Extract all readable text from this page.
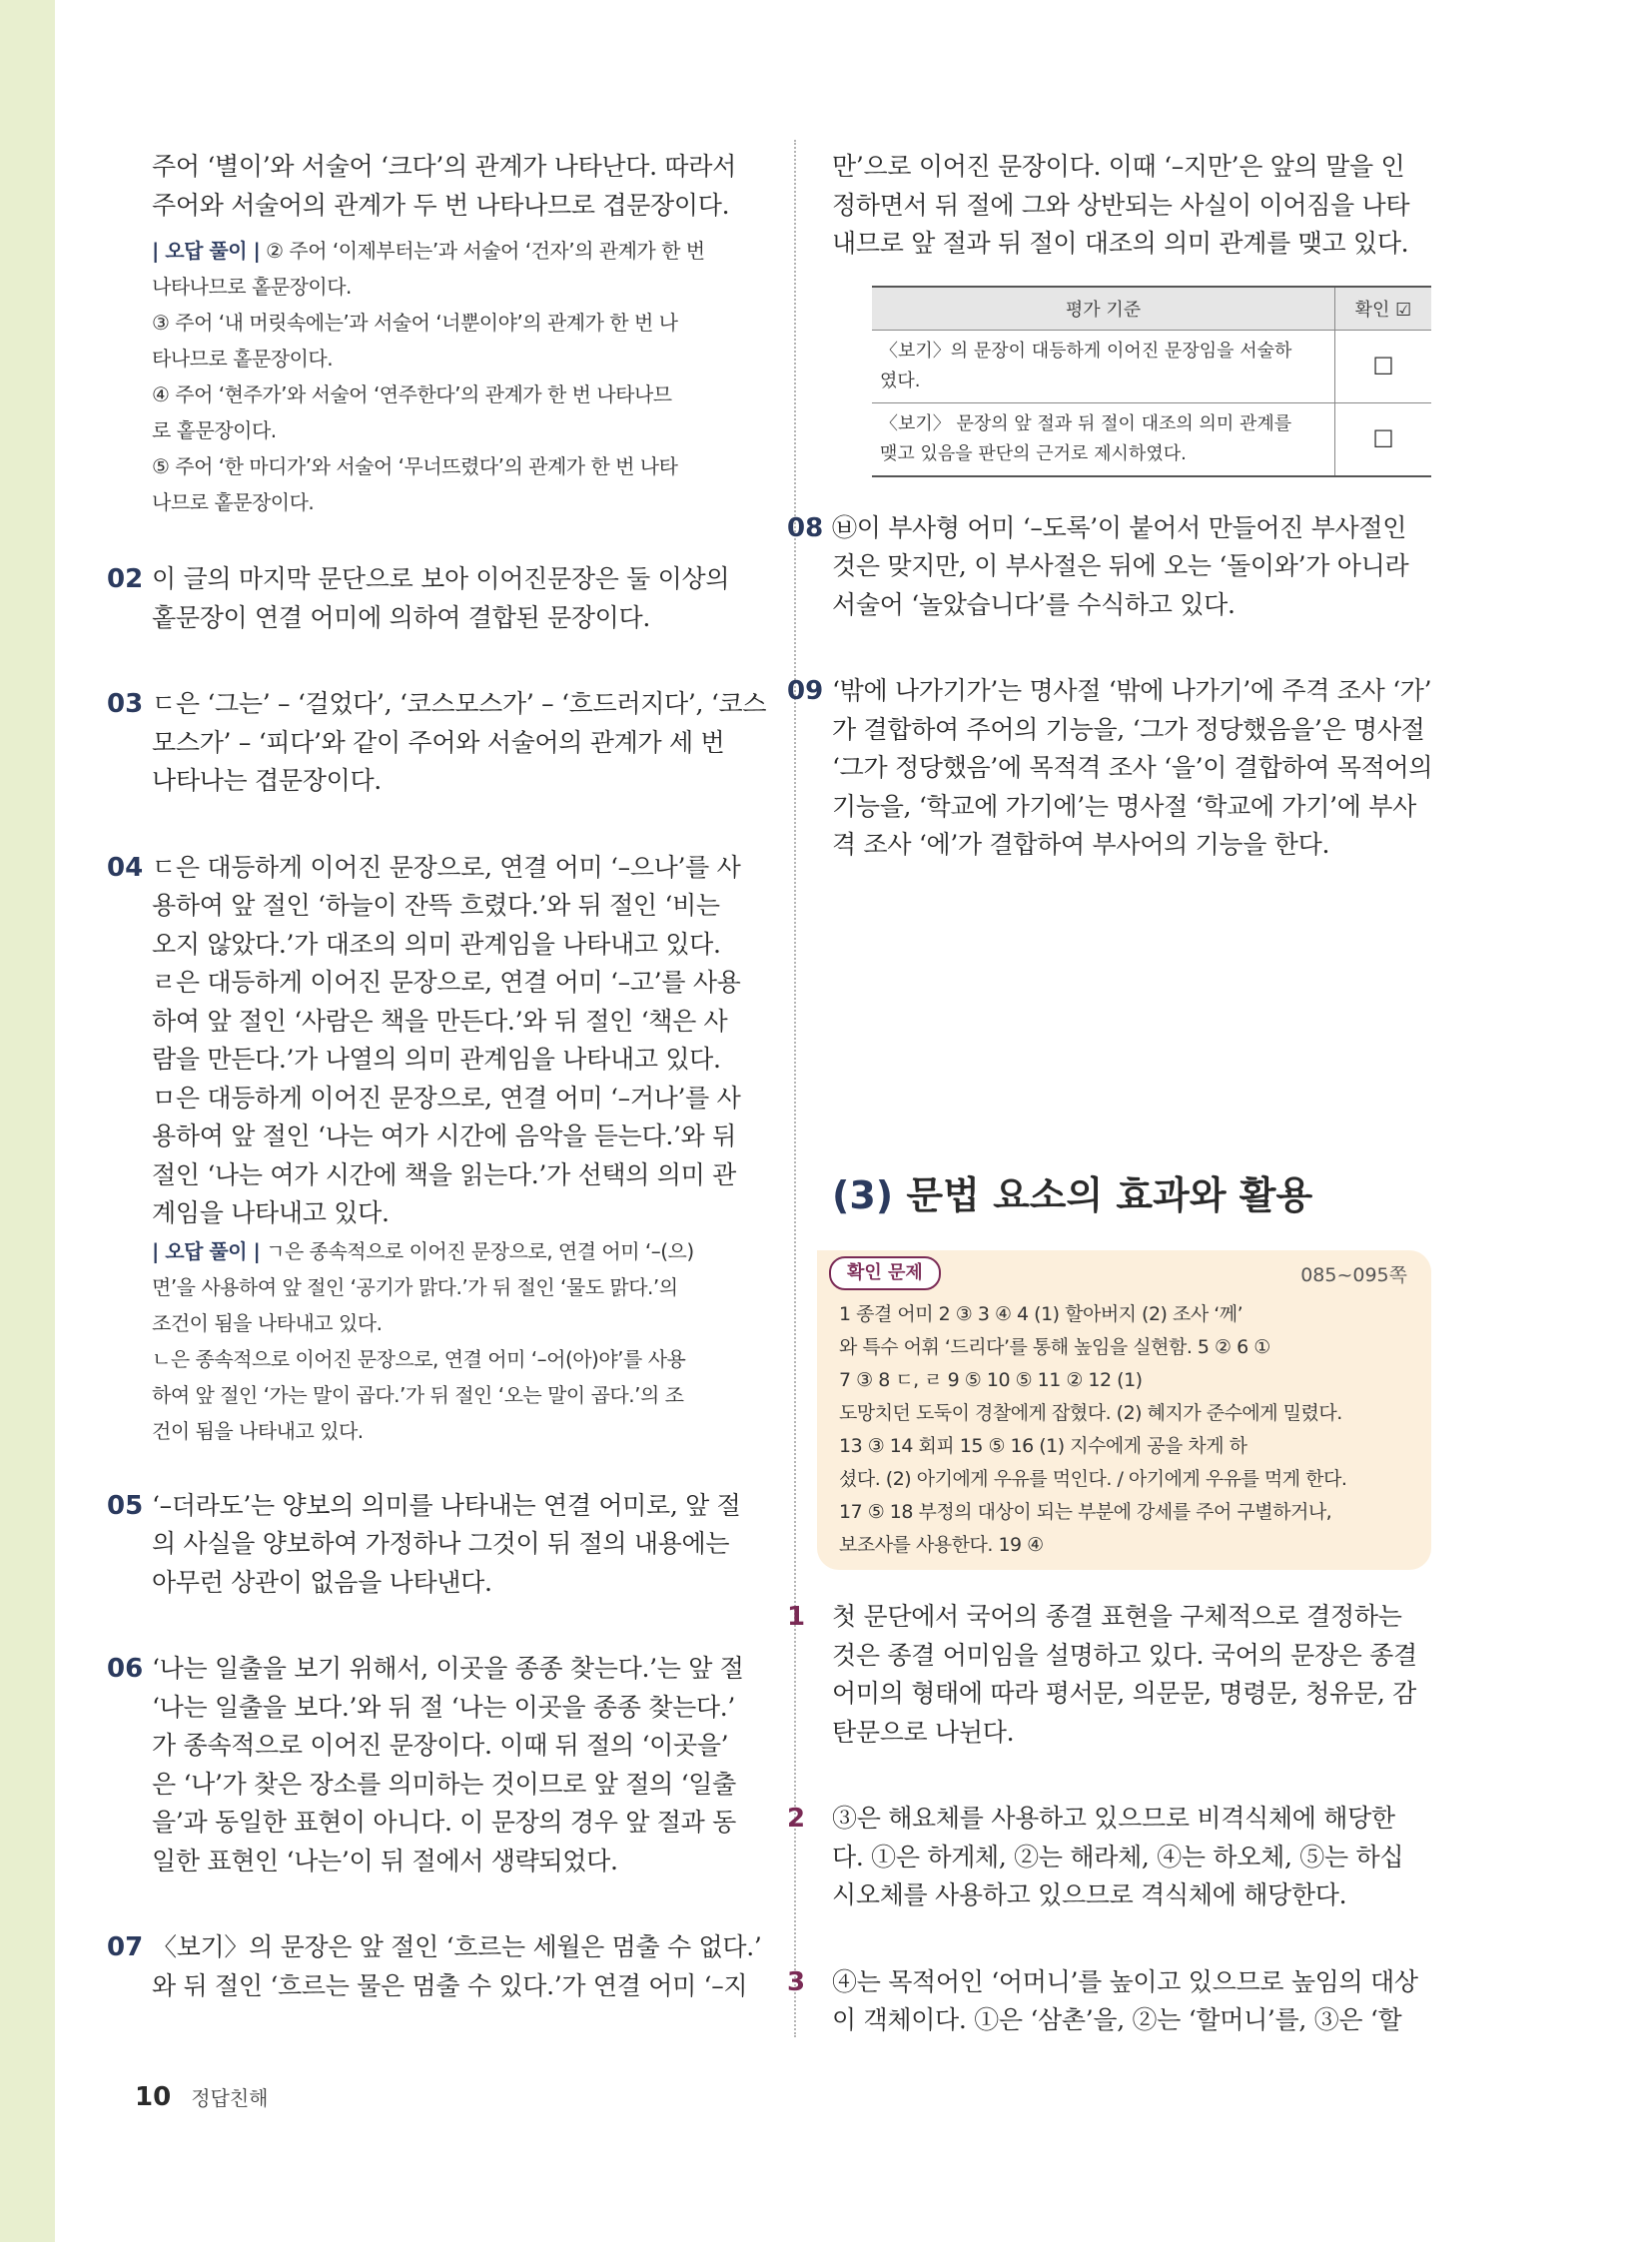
주어 ‘별이’와 서술어 ‘크다’의 관계가 나타난다. 따라서
주어와 서술어의 관계가 두 번 나타나므로 겹문장이다.
| 오답 풀이 | ② 주어 ‘이제부터는’과 서술어 ‘건자’의 관계가 한 번
나타나므로 홑문장이다.
③ 주어 ‘내 머릿속에는’과 서술어 ‘너뿐이야’의 관계가 한 번 나
타나므로 홑문장이다.
④ 주어 ‘현주가’와 서술어 ‘연주한다’의 관계가 한 번 나타나므
로 홑문장이다.
⑤ 주어 ‘한 마디가’와 서술어 ‘무너뜨렸다’의 관계가 한 번 나타
나므로 홑문장이다.
02 이 글의 마지막 문단으로 보아 이어진문장은 둘 이상의
홑문장이 연결 어미에 의하여 결합된 문장이다.
03 ㄷ은 ‘그는’ – ‘걸었다’, ‘코스모스가’ – ‘흐드러지다’, ‘코스
모스가’ – ‘피다’와 같이 주어와 서술어의 관계가 세 번
나타나는 겹문장이다.
04 ㄷ은 대등하게 이어진 문장으로, 연결 어미 ‘–으나’를 사
용하여 앞 절인 ‘하늘이 잔뜩 흐렸다.’와 뒤 절인 ‘비는
오지 않았다.’가 대조의 의미 관계임을 나타내고 있다.
ㄹ은 대등하게 이어진 문장으로, 연결 어미 ‘–고’를 사용
하여 앞 절인 ‘사람은 책을 만든다.’와 뒤 절인 ‘책은 사
람을 만든다.’가 나열의 의미 관계임을 나타내고 있다.
ㅁ은 대등하게 이어진 문장으로, 연결 어미 ‘–거나’를 사
용하여 앞 절인 ‘나는 여가 시간에 음악을 듣는다.’와 뒤
절인 ‘나는 여가 시간에 책을 읽는다.’가 선택의 의미 관
계임을 나타내고 있다.
| 오답 풀이 | ㄱ은 종속적으로 이어진 문장으로, 연결 어미 ‘–(으)
면’을 사용하여 앞 절인 ‘공기가 맑다.’가 뒤 절인 ‘물도 맑다.’의
조건이 됨을 나타내고 있다.
ㄴ은 종속적으로 이어진 문장으로, 연결 어미 ‘–어(아)야’를 사용
하여 앞 절인 ‘가는 말이 곱다.’가 뒤 절인 ‘오는 말이 곱다.’의 조
건이 됨을 나타내고 있다.
05 ‘–더라도’는 양보의 의미를 나타내는 연결 어미로, 앞 절
의 사실을 양보하여 가정하나 그것이 뒤 절의 내용에는
아무런 상관이 없음을 나타낸다.
06 ‘나는 일출을 보기 위해서, 이곳을 종종 찾는다.’는 앞 절
‘나는 일출을 보다.’와 뒤 절 ‘나는 이곳을 종종 찾는다.’
가 종속적으로 이어진 문장이다. 이때 뒤 절의 ‘이곳을’
은 ‘나’가 찾은 장소를 의미하는 것이므로 앞 절의 ‘일출
을’과 동일한 표현이 아니다. 이 문장의 경우 앞 절과 동
일한 표현인 ‘나는’이 뒤 절에서 생략되었다.
07 〈보기〉의 문장은 앞 절인 ‘흐르는 세월은 멈출 수 없다.’
와 뒤 절인 ‘흐르는 물은 멈출 수 있다.’가 연결 어미 ‘–지
만’으로 이어진 문장이다. 이때 ‘–지만’은 앞의 말을 인
정하면서 뒤 절에 그와 상반되는 사실이 이어짐을 나타
내므로 앞 절과 뒤 절이 대조의 의미 관계를 맺고 있다.
평가 기준	확인 ☑

〈보기〉의 문장이 대등하게 이어진 문장임을 서술하
였다.	☐

〈보기〉 문장의 앞 절과 뒤 절이 대조의 의미 관계를
맺고 있음을 판단의 근거로 제시하였다.	☐
08 ㉥이 부사형 어미 ‘–도록’이 붙어서 만들어진 부사절인
것은 맞지만, 이 부사절은 뒤에 오는 ‘돌이와’가 아니라
서술어 ‘놀았습니다’를 수식하고 있다.
09 ‘밖에 나가기가’는 명사절 ‘밖에 나가기’에 주격 조사 ‘가’
가 결합하여 주어의 기능을, ‘그가 정당했음을’은 명사절
‘그가 정당했음’에 목적격 조사 ‘을’이 결합하여 목적어의
기능을, ‘학교에 가기에’는 명사절 ‘학교에 가기’에 부사
격 조사 ‘에’가 결합하여 부사어의 기능을 한다.
(3) 문법 요소의 효과와 활용
확인 문제	085~095쪽
1 종결 어미 2 ③ 3 ④ 4 (1) 할아버지 (2) 조사 ‘께’
와 특수 어휘 ‘드리다’를 통해 높임을 실현함. 5 ② 6 ①
7 ③ 8 ㄷ, ㄹ 9 ⑤ 10 ⑤ 11 ② 12 (1)
도망치던 도둑이 경찰에게 잡혔다. (2) 혜지가 준수에게 밀렸다.
13 ③ 14 회피 15 ⑤ 16 (1) 지수에게 공을 차게 하
셨다. (2) 아기에게 우유를 먹인다. / 아기에게 우유를 먹게 한다.
17 ⑤ 18 부정의 대상이 되는 부분에 강세를 주어 구별하거나,
보조사를 사용한다. 19 ④
1 첫 문단에서 국어의 종결 표현을 구체적으로 결정하는
것은 종결 어미임을 설명하고 있다. 국어의 문장은 종결
어미의 형태에 따라 평서문, 의문문, 명령문, 청유문, 감
탄문으로 나뉜다.
2 ③은 해요체를 사용하고 있으므로 비격식체에 해당한
다. ①은 하게체, ②는 해라체, ④는 하오체, ⑤는 하십
시오체를 사용하고 있으므로 격식체에 해당한다.
3 ④는 목적어인 ‘어머니’를 높이고 있으므로 높임의 대상
이 객체이다. ①은 ‘삼촌’을, ②는 ‘할머니’를, ③은 ‘할
10 정답친해
